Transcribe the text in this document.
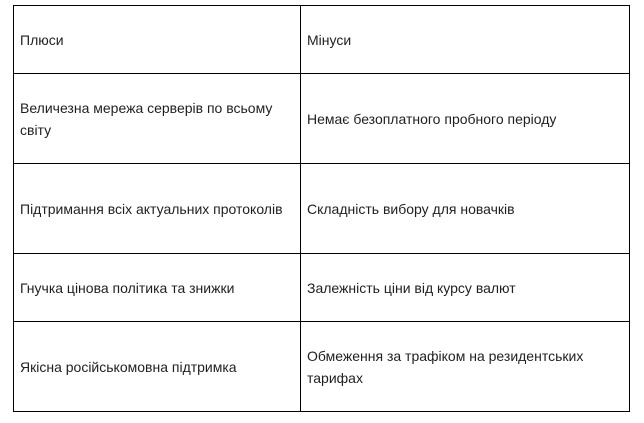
Плюси	Мінуси
Величезна мережа серверів по всьому світу	Немає безоплатного пробного періоду
Підтримання всіх актуальних протоколів	Складність вибору для новачків
Гнучка цінова політика та знижки	Залежність ціни від курсу валют
Якісна російськомовна підтримка	Обмеження за трафіком на резидентських тарифах
